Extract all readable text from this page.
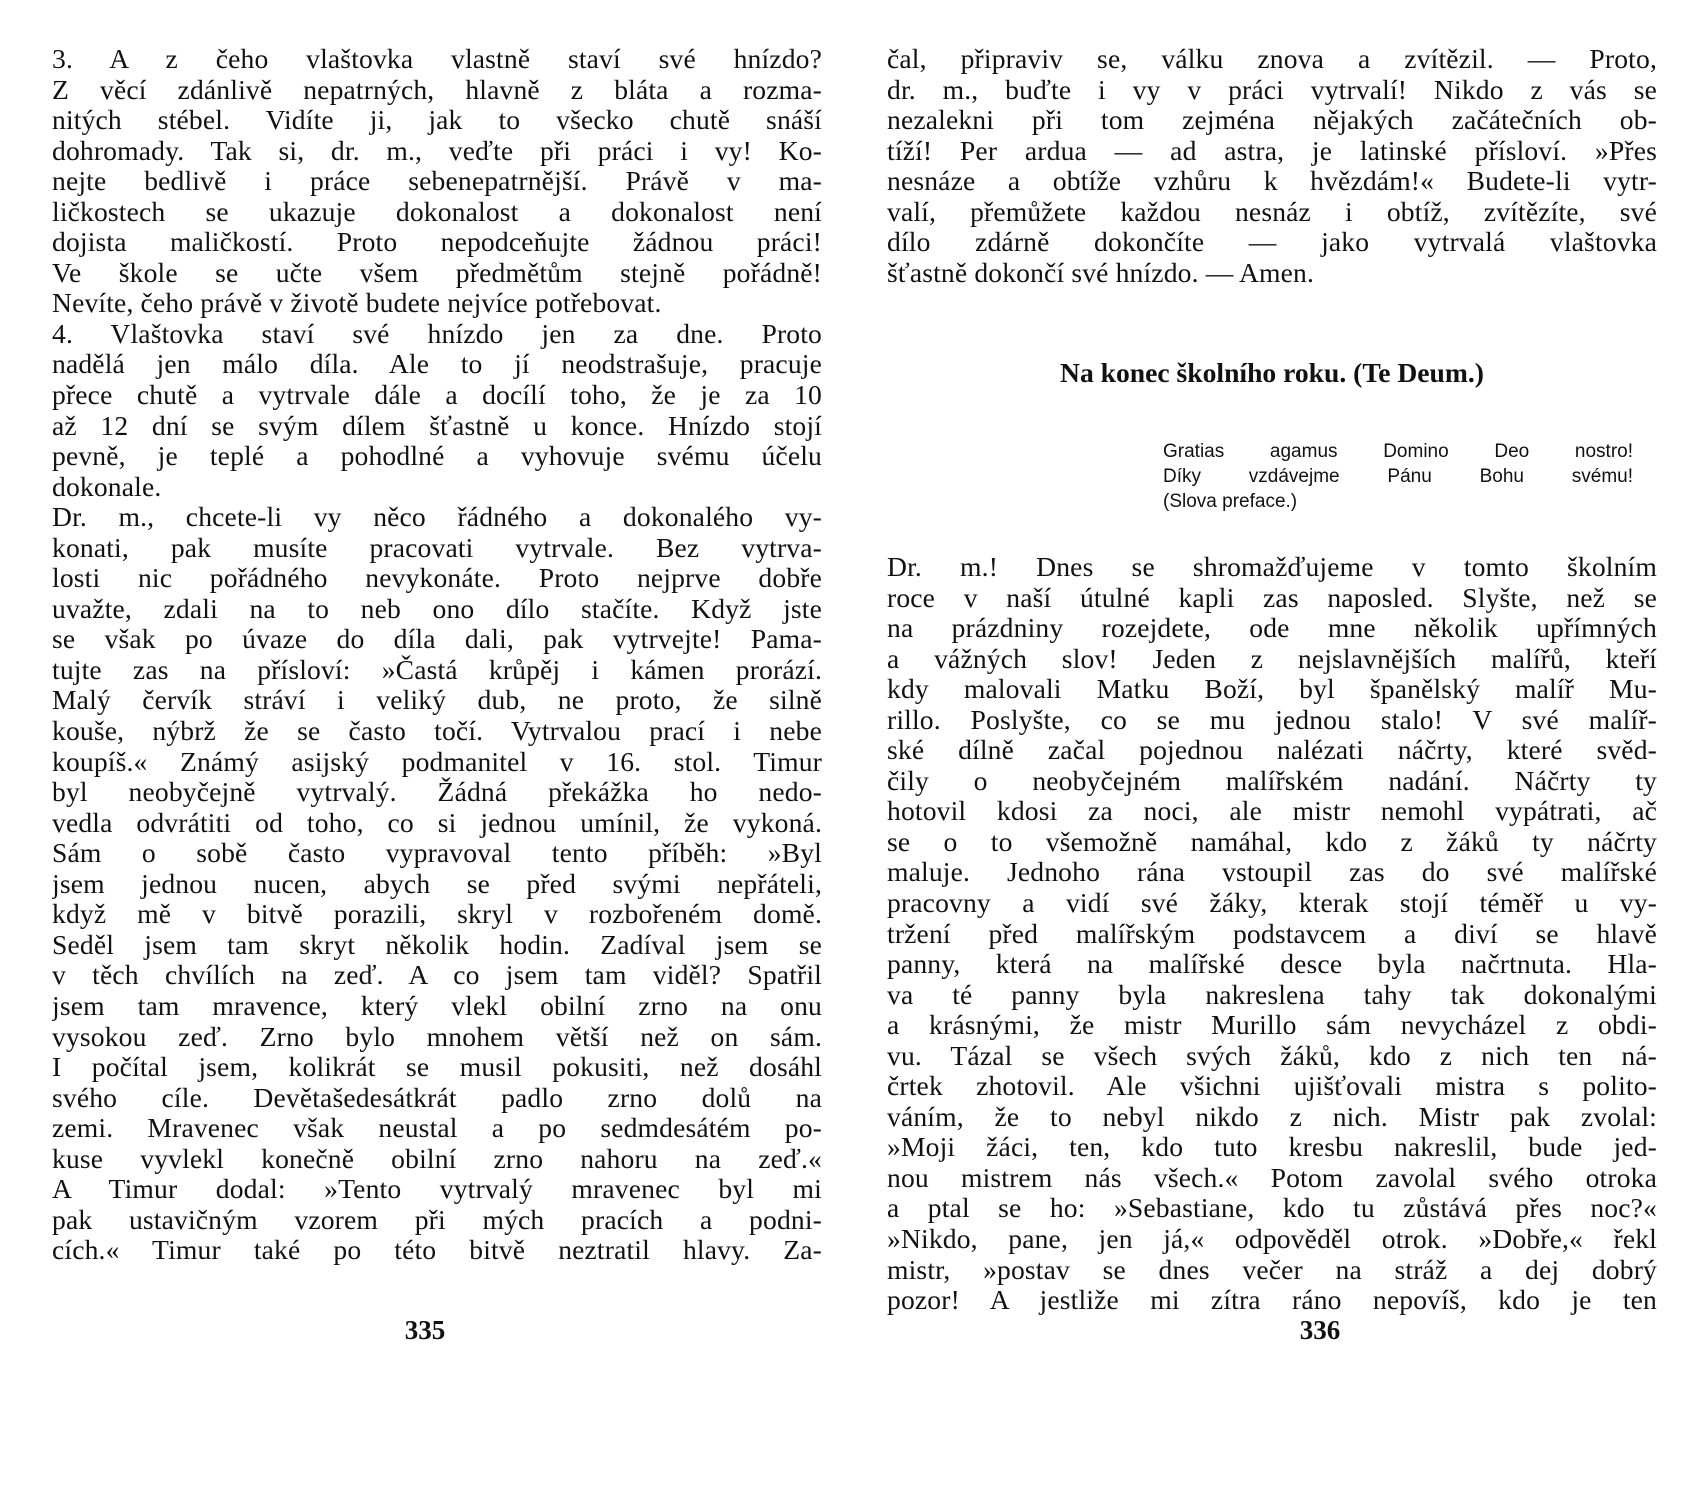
3. A z čeho vlaštovka vlastně staví své hnízdo?
Z věcí zdánlivě nepatrných, hlavně z bláta a rozma-
nitých stébel. Vidíte ji, jak to všecko chutě snáší
dohromady. Tak si, dr. m., veďte při práci i vy! Ko-
nejte bedlivě i práce sebenepatrnější. Právě v ma-
ličkostech se ukazuje dokonalost a dokonalost není
dojista maličkostí. Proto nepodceňujte žádnou práci!
Ve škole se učte všem předmětům stejně pořádně!
Nevíte, čeho právě v životě budete nejvíce potřebovat.
4. Vlaštovka staví své hnízdo jen za dne. Proto
nadělá jen málo díla. Ale to jí neodstrašuje, pracuje
přece chutě a vytrvale dále a docílí toho, že je za 10
až 12 dní se svým dílem šťastně u konce. Hnízdo stojí
pevně, je teplé a pohodlné a vyhovuje svému účelu
dokonale.
Dr. m., chcete-li vy něco řádného a dokonalého vy-
konati, pak musíte pracovati vytrvale. Bez vytrva-
losti nic pořádného nevykonáte. Proto nejprve dobře
uvažte, zdali na to neb ono dílo stačíte. Když jste
se však po úvaze do díla dali, pak vytrvejte! Pama-
tujte zas na přísloví: »Častá krůpěj i kámen prorází.
Malý červík stráví i veliký dub, ne proto, že silně
kouše, nýbrž že se často točí. Vytrvalou prací i nebe
koupíš.« Známý asijský podmanitel v 16. stol. Timur
byl neobyčejně vytrvalý. Žádná překážka ho nedo-
vedla odvrátiti od toho, co si jednou umínil, že vykoná.
Sám o sobě často vypravoval tento příběh: »Byl
jsem jednou nucen, abych se před svými nepřáteli,
když mě v bitvě porazili, skryl v rozbořeném domě.
Seděl jsem tam skryt několik hodin. Zadíval jsem se
v těch chvílích na zeď. A co jsem tam viděl? Spatřil
jsem tam mravence, který vlekl obilní zrno na onu
vysokou zeď. Zrno bylo mnohem větší než on sám.
I počítal jsem, kolikrát se musil pokusiti, než dosáhl
svého cíle. Devětašedesátkrát padlo zrno dolů na
zemi. Mravenec však neustal a po sedmdesátém po-
kuse vyvlekl konečně obilní zrno nahoru na zeď.«
A Timur dodal: »Tento vytrvalý mravenec byl mi
pak ustavičným vzorem při mých pracích a podni-
cích.« Timur také po této bitvě neztratil hlavy. Za-
335
čal, připraviv se, válku znova a zvítězil. — Proto,
dr. m., buďte i vy v práci vytrvalí! Nikdo z vás se
nezalekni při tom zejména nějakých začátečních ob-
tíží! Per ardua — ad astra, je latinské přísloví. »Přes
nesnáze a obtíže vzhůru k hvězdám!« Budete-li vytr-
valí, přemůžete každou nesnáz i obtíž, zvítězíte, své
dílo zdárně dokončíte — jako vytrvalá vlaštovka
šťastně dokončí své hnízdo. — Amen.
Na konec školního roku. (Te Deum.)
Gratias agamus Domino Deo nostro!
Díky vzdávejme Pánu Bohu svému!
(Slova preface.)
Dr. m.! Dnes se shromažďujeme v tomto školním
roce v naší útulné kapli zas naposled. Slyšte, než se
na prázdniny rozejdete, ode mne několik upřímných
a vážných slov! Jeden z nejslavnějších malířů, kteří
kdy malovali Matku Boží, byl španělský malíř Mu-
rillo. Poslyšte, co se mu jednou stalo! V své malíř-
ské dílně začal pojednou nalézati náčrty, které svěd-
čily o neobyčejném malířském nadání. Náčrty ty
hotovil kdosi za noci, ale mistr nemohl vypátrati, ač
se o to všemožně namáhal, kdo z žáků ty náčrty
maluje. Jednoho rána vstoupil zas do své malířské
pracovny a vidí své žáky, kterak stojí téměř u vy-
tržení před malířským podstavcem a diví se hlavě
panny, která na malířské desce byla načrtnuta. Hla-
va té panny byla nakreslena tahy tak dokonalými
a krásnými, že mistr Murillo sám nevycházel z obdi-
vu. Tázal se všech svých žáků, kdo z nich ten ná-
črtek zhotovil. Ale všichni ujišťovali mistra s polito-
váním, že to nebyl nikdo z nich. Mistr pak zvolal:
»Moji žáci, ten, kdo tuto kresbu nakreslil, bude jed-
nou mistrem nás všech.« Potom zavolal svého otroka
a ptal se ho: »Sebastiane, kdo tu zůstává přes noc?«
»Nikdo, pane, jen já,« odpověděl otrok. »Dobře,« řekl
mistr, »postav se dnes večer na stráž a dej dobrý
pozor! A jestliže mi zítra ráno nepovíš, kdo je ten
336
